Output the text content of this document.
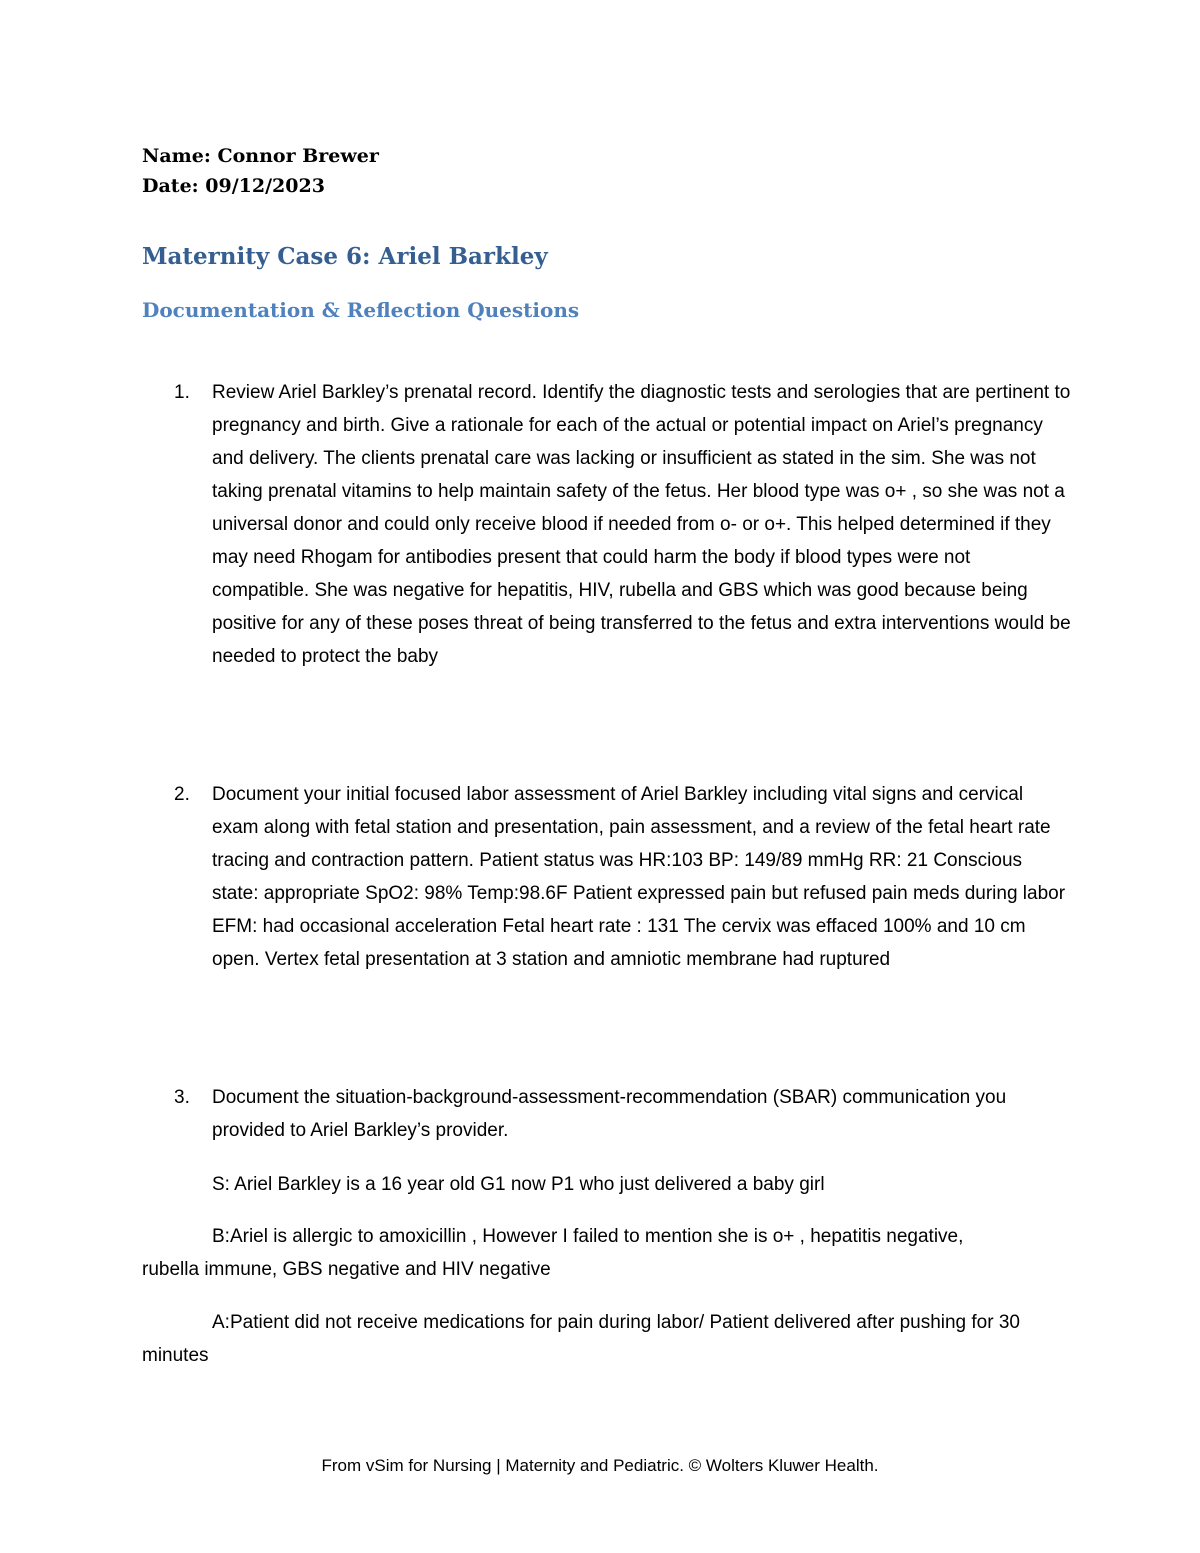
Name: Connor Brewer
Date: 09/12/2023
Maternity Case 6: Ariel Barkley
Documentation & Reflection Questions
1. Review Ariel Barkley’s prenatal record. Identify the diagnostic tests and serologies that are pertinent to pregnancy and birth. Give a rationale for each of the actual or potential impact on Ariel’s pregnancy and delivery. The clients prenatal care was lacking or insufficient as stated in the sim. She was not taking prenatal vitamins to help maintain safety of the fetus. Her blood type was o+ , so she was not a universal donor and could only receive blood if needed from o- or o+. This helped determined if they may need Rhogam for antibodies present that could harm the body if blood types were not compatible. She was negative for hepatitis, HIV, rubella and GBS which was good because being positive for any of these poses threat of being transferred to the fetus and extra interventions would be needed to protect the baby
2. Document your initial focused labor assessment of Ariel Barkley including vital signs and cervical exam along with fetal station and presentation, pain assessment, and a review of the fetal heart rate tracing and contraction pattern. Patient status was HR:103 BP: 149/89 mmHg RR: 21 Conscious state: appropriate SpO2: 98% Temp:98.6F Patient expressed pain but refused pain meds during labor EFM: had occasional acceleration Fetal heart rate : 131 The cervix was effaced 100% and 10 cm open. Vertex fetal presentation at 3 station and amniotic membrane had ruptured
3. Document the situation-background-assessment-recommendation (SBAR) communication you provided to Ariel Barkley’s provider.
S: Ariel Barkley is a 16 year old G1 now P1 who just delivered a baby girl
B:Ariel is allergic to amoxicillin , However I failed to mention she is o+ , hepatitis negative, rubella immune, GBS negative and HIV negative
A:Patient did not receive medications for pain during labor/ Patient delivered after pushing for 30 minutes
From vSim for Nursing | Maternity and Pediatric. © Wolters Kluwer Health.
